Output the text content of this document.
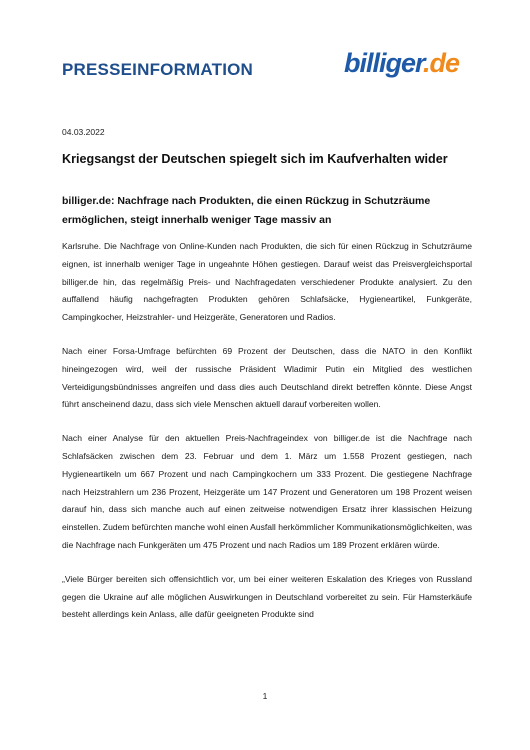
PRESSEINFORMATION	billiger.de
04.03.2022
Kriegsangst der Deutschen spiegelt sich im Kaufverhalten wider
billiger.de: Nachfrage nach Produkten, die einen Rückzug in Schutzräume ermöglichen, steigt innerhalb weniger Tage massiv an

Karlsruhe. Die Nachfrage von Online-Kunden nach Produkten, die sich für einen Rückzug in Schutzräume eignen, ist innerhalb weniger Tage in ungeahnte Höhen gestiegen. Darauf weist das Preisvergleichsportal billiger.de hin, das regelmäßig Preis- und Nachfragedaten verschiedener Produkte analysiert. Zu den auffallend häufig nachgefragten Produkten gehören Schlafsäcke, Hygieneartikel, Funkgeräte, Campingkocher, Heizstrahler- und Heizgeräte, Generatoren und Radios.

Nach einer Forsa-Umfrage befürchten 69 Prozent der Deutschen, dass die NATO in den Konflikt hineingezogen wird, weil der russische Präsident Wladimir Putin ein Mitglied des westlichen Verteidigungsbündnisses angreifen und dass dies auch Deutschland direkt betreffen könnte. Diese Angst führt anscheinend dazu, dass sich viele Menschen aktuell darauf vorbereiten wollen.

Nach einer Analyse für den aktuellen Preis-Nachfrageindex von billiger.de ist die Nachfrage nach Schlafsäcken zwischen dem 23. Februar und dem 1. März um 1.558 Prozent gestiegen, nach Hygieneartikeln um 667 Prozent und nach Campingkochern um 333 Prozent. Die gestiegene Nachfrage nach Heizstrahlern um 236 Prozent, Heizgeräte um 147 Prozent und Generatoren um 198 Prozent weisen darauf hin, dass sich manche auch auf einen zeitweise notwendigen Ersatz ihrer klassischen Heizung einstellen. Zudem befürchten manche wohl einen Ausfall herkömmlicher Kommunikationsmöglichkeiten, was die Nachfrage nach Funkgeräten um 475 Prozent und nach Radios um 189 Prozent erklären würde.

„Viele Bürger bereiten sich offensichtlich vor, um bei einer weiteren Eskalation des Krieges von Russland gegen die Ukraine auf alle möglichen Auswirkungen in Deutschland vorbereitet zu sein. Für Hamsterkäufe besteht allerdings kein Anlass, alle dafür geeigneten Produkte sind

1
